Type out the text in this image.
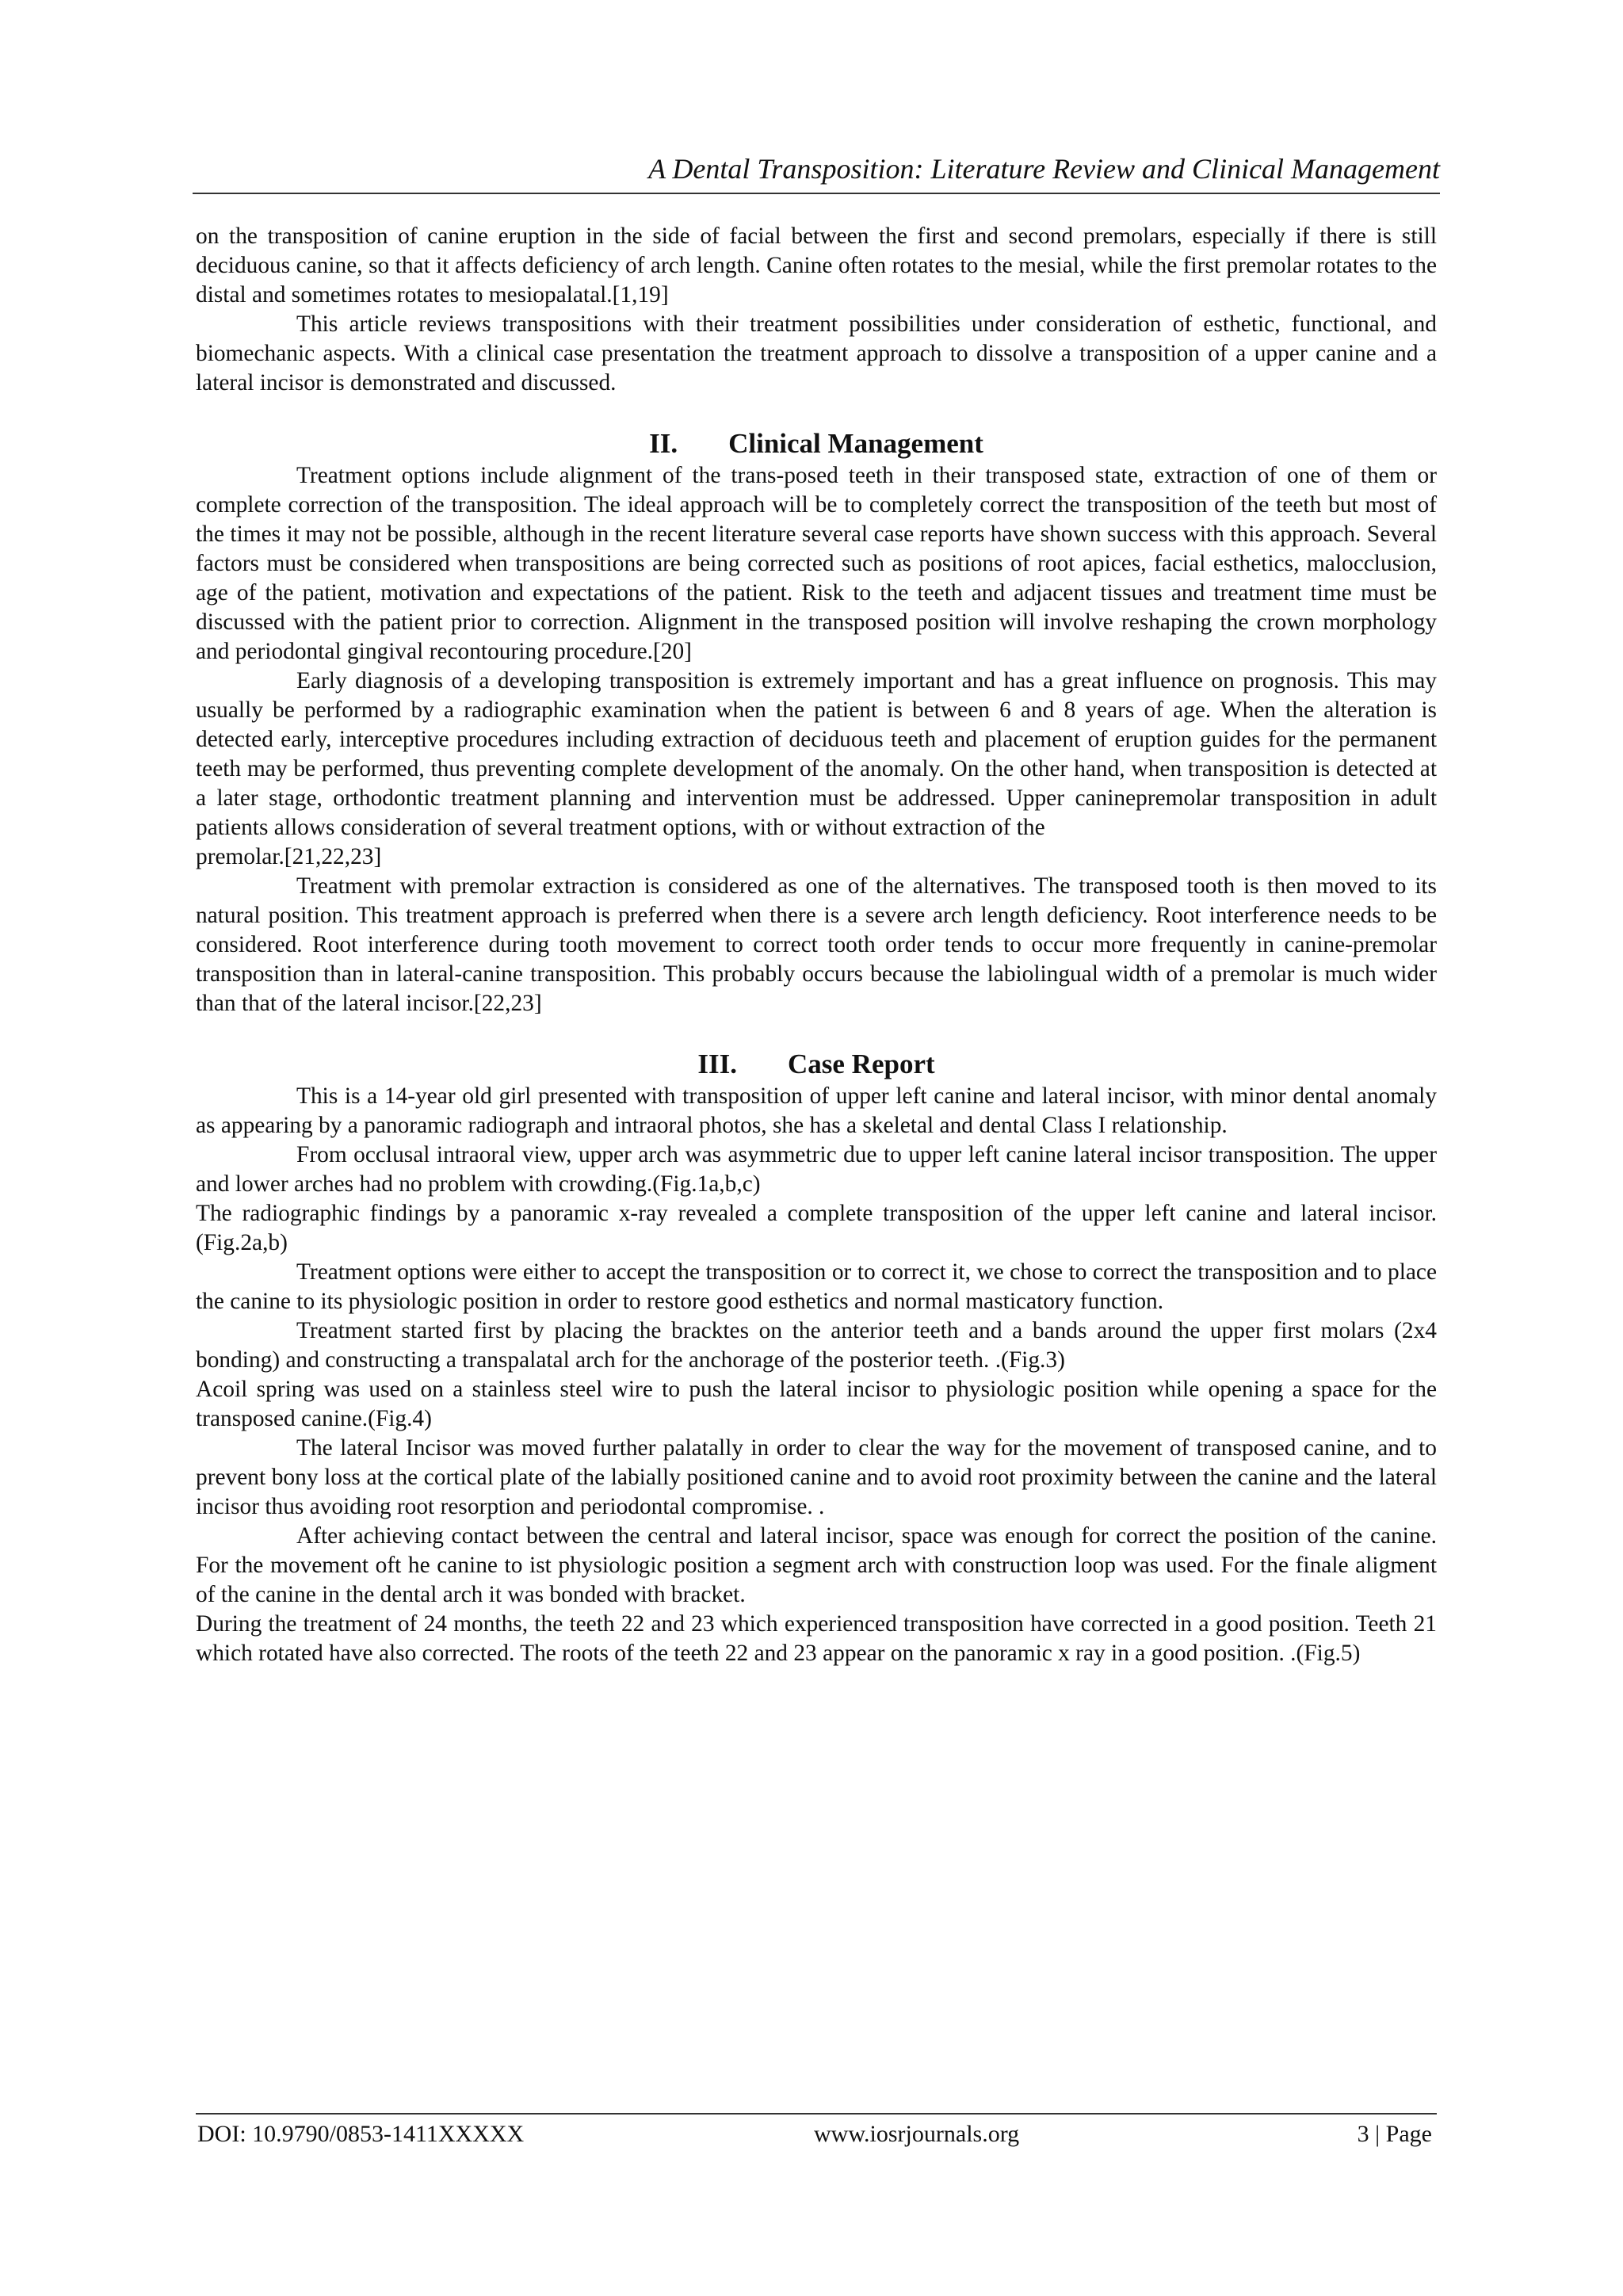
A Dental Transposition: Literature Review and Clinical Management

on the transposition of canine eruption in the side of facial between the first and second premolars, especially if there is still deciduous canine, so that it affects deficiency of arch length. Canine often rotates to the mesial, while the first premolar rotates to the distal and sometimes rotates to mesiopalatal.[1,19]

This article reviews transpositions with their treatment possibilities under consideration of esthetic, functional, and biomechanic aspects. With a clinical case presentation the treatment approach to dissolve a transposition of a upper canine and a lateral incisor is demonstrated and discussed.

II. Clinical Management

Treatment options include alignment of the trans-posed teeth in their transposed state, extraction of one of them or complete correction of the transposition. The ideal approach will be to completely correct the transposition of the teeth but most of the times it may not be possible, although in the recent literature several case reports have shown success with this approach. Several factors must be considered when transpositions are being corrected such as positions of root apices, facial esthetics, malocclusion, age of the patient, motivation and expectations of the patient. Risk to the teeth and adjacent tissues and treatment time must be discussed with the patient prior to correction. Alignment in the transposed position will involve reshaping the crown morphology and periodontal gingival recontouring procedure.[20]

Early diagnosis of a developing transposition is extremely important and has a great influence on prognosis. This may usually be performed by a radiographic examination when the patient is between 6 and 8 years of age. When the alteration is detected early, interceptive procedures including extraction of deciduous teeth and placement of eruption guides for the permanent teeth may be performed, thus preventing complete development of the anomaly. On the other hand, when transposition is detected at a later stage, orthodontic treatment planning and intervention must be addressed. Upper caninepremolar transposition in adult patients allows consideration of several treatment options, with or without extraction of the

premolar.[21,22,23]

Treatment with premolar extraction is considered as one of the alternatives. The transposed tooth is then moved to its natural position. This treatment approach is preferred when there is a severe arch length deficiency. Root interference needs to be considered. Root interference during tooth movement to correct tooth order tends to occur more frequently in canine-premolar transposition than in lateral-canine transposition. This probably occurs because the labiolingual width of a premolar is much wider than that of the lateral incisor.[22,23]

III. Case Report

This is a 14-year old girl presented with transposition of upper left canine and lateral incisor, with minor dental anomaly as appearing by a panoramic radiograph and intraoral photos, she has a skeletal and dental Class I relationship.

From occlusal intraoral view, upper arch was asymmetric due to upper left canine lateral incisor transposition. The upper and lower arches had no problem with crowding.(Fig.1a,b,c)

The radiographic findings by a panoramic x-ray revealed a complete transposition of the upper left canine and lateral incisor. (Fig.2a,b)

Treatment options were either to accept the transposition or to correct it, we chose to correct the transposition and to place the canine to its physiologic position in order to restore good esthetics and normal masticatory function.

Treatment started first by placing the bracktes on the anterior teeth and a bands around the upper first molars (2x4 bonding) and constructing a transpalatal arch for the anchorage of the posterior teeth. .(Fig.3)

Acoil spring was used on a stainless steel wire to push the lateral incisor to physiologic position while opening a space for the transposed canine.(Fig.4)

The lateral Incisor was moved further palatally in order to clear the way for the movement of transposed canine, and to prevent bony loss at the cortical plate of the labially positioned canine and to avoid root proximity between the canine and the lateral incisor thus avoiding root resorption and periodontal compromise. .

After achieving contact between the central and lateral incisor, space was enough for correct the position of the canine. For the movement oft he canine to ist physiologic position a segment arch with construction loop was used. For the finale aligment of the canine in the dental arch it was bonded with bracket.

During the treatment of 24 months, the teeth 22 and 23 which experienced transposition have corrected in a good position. Teeth 21 which rotated have also corrected. The roots of the teeth 22 and 23 appear on the panoramic x ray in a good position. .(Fig.5)

DOI: 10.9790/0853-1411XXXXX	www.iosrjournals.org	3 | Page
